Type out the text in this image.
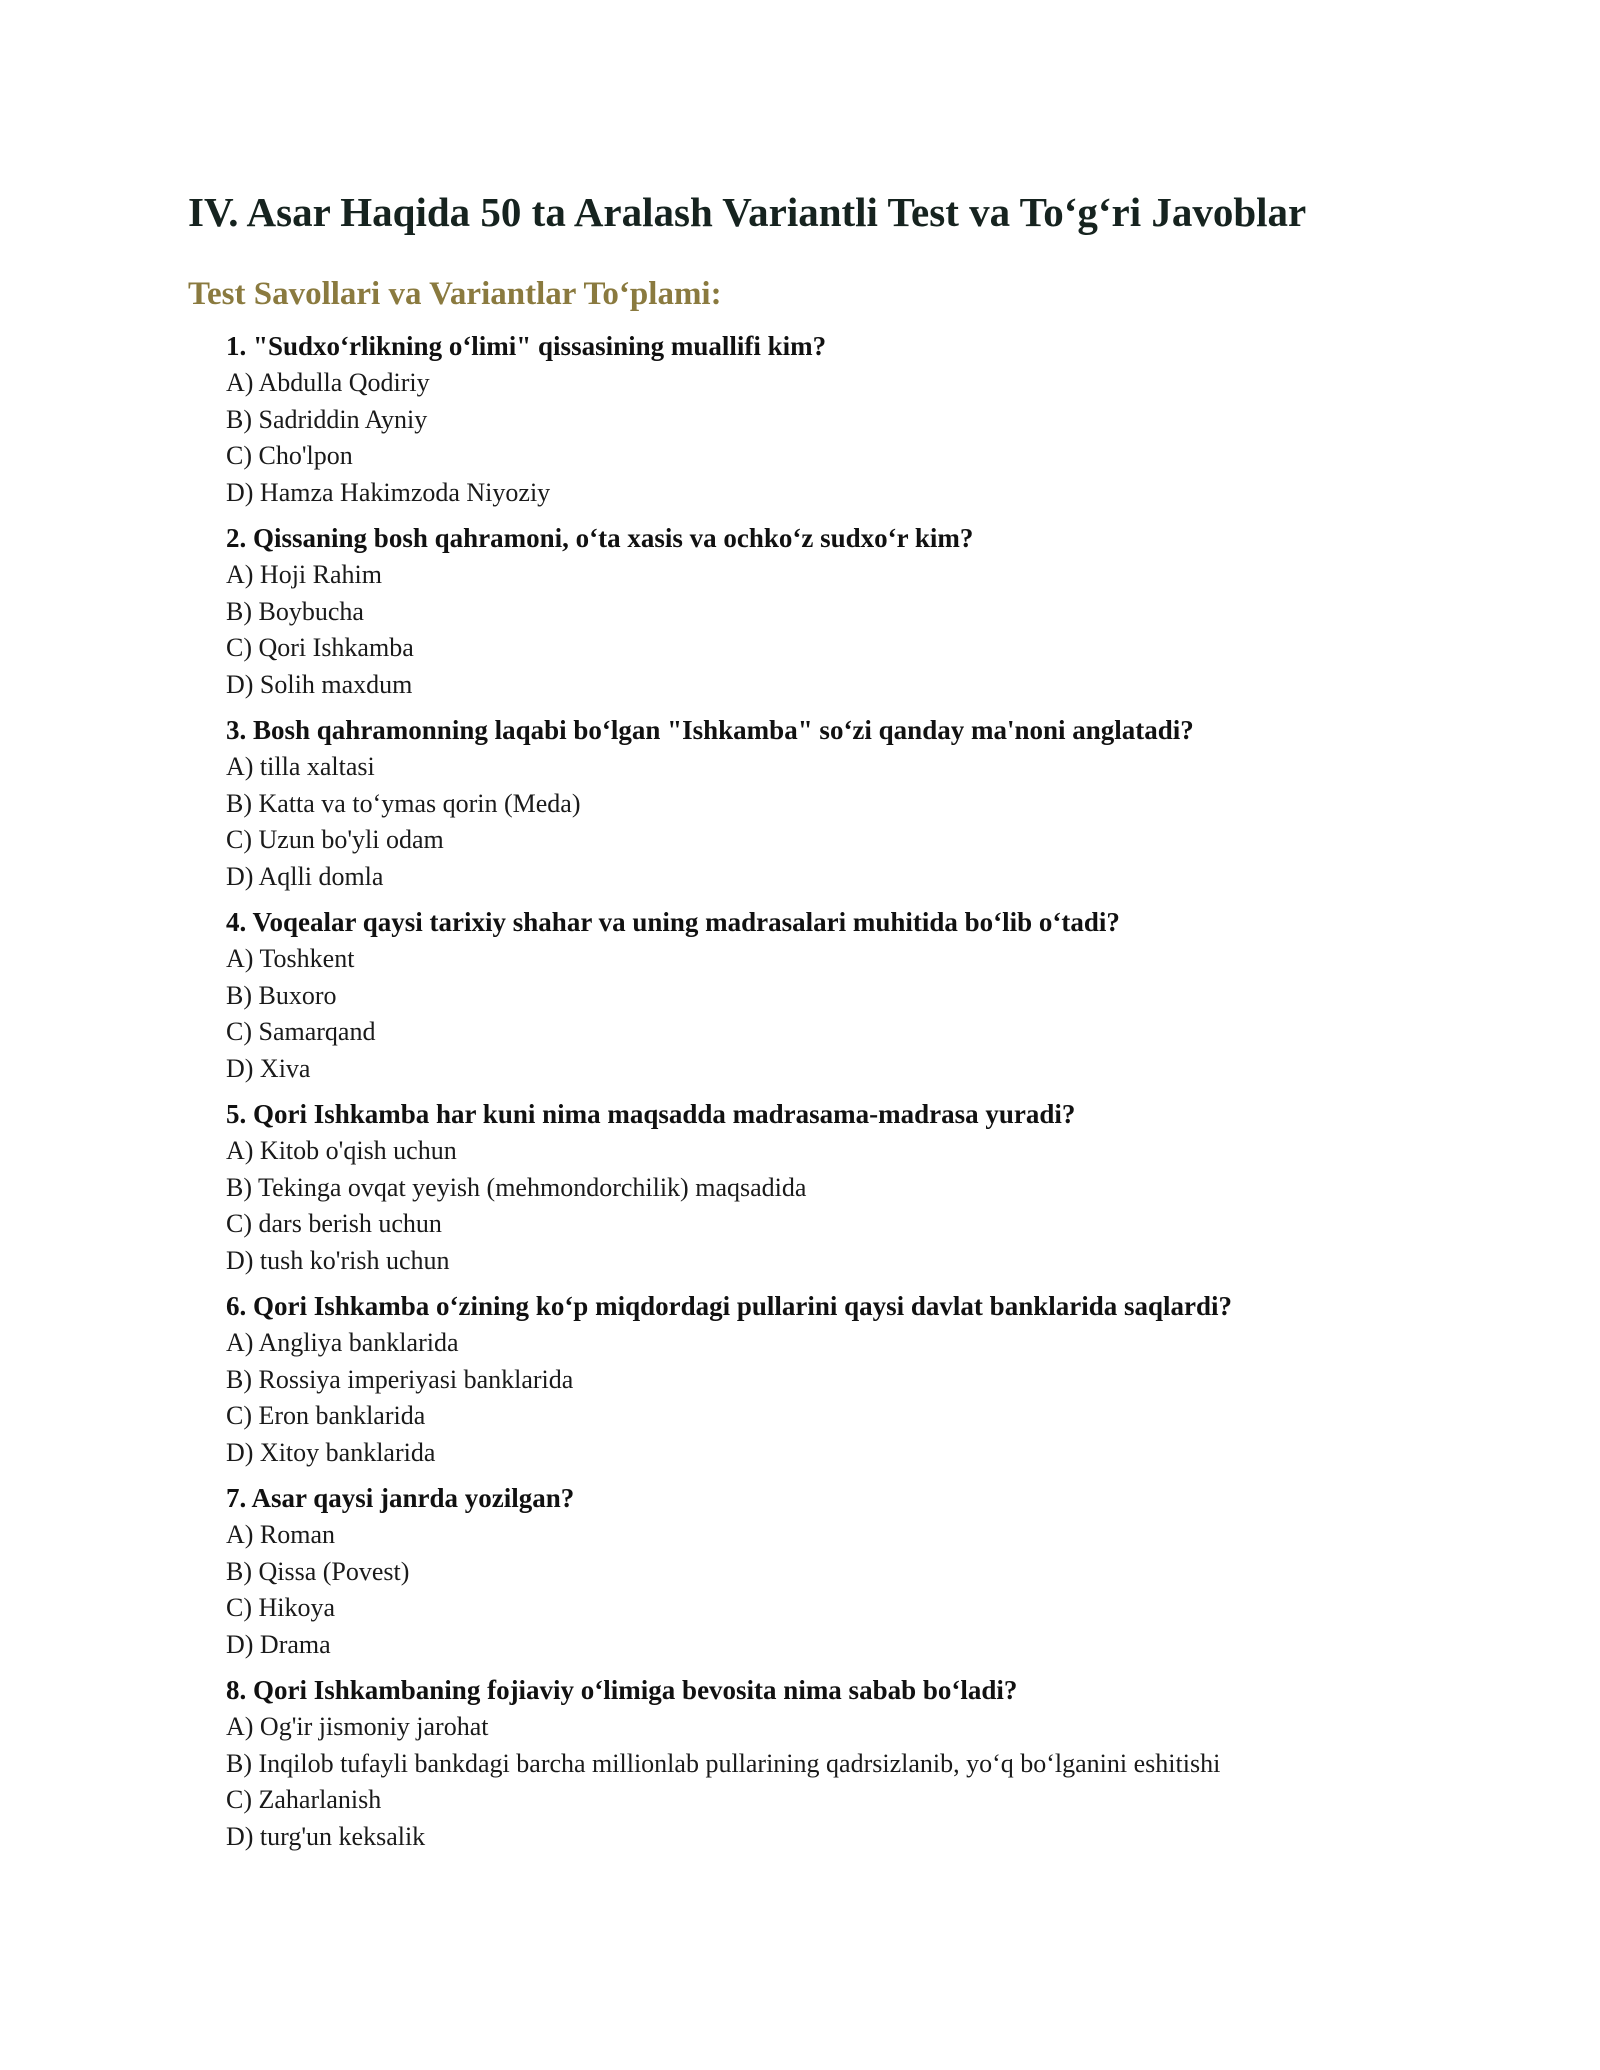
IV. Asar Haqida 50 ta Aralash Variantli Test va To‘g‘ri Javoblar
Test Savollari va Variantlar To‘plami:
1. "Sudxo‘rlikning o‘limi" qissasining muallifi kim?
A) Abdulla Qodiriy
B) Sadriddin Ayniy
C) Cho'lpon
D) Hamza Hakimzoda Niyoziy
2. Qissaning bosh qahramoni, o‘ta xasis va ochko‘z sudxo‘r kim?
A) Hoji Rahim
B) Boybucha
C) Qori Ishkamba
D) Solih maxdum
3. Bosh qahramonning laqabi bo‘lgan "Ishkamba" so‘zi qanday ma'noni anglatadi?
A) tilla xaltasi
B) Katta va to‘ymas qorin (Meda)
C) Uzun bo'yli odam
D) Aqlli domla
4. Voqealar qaysi tarixiy shahar va uning madrasalari muhitida bo‘lib o‘tadi?
A) Toshkent
B) Buxoro
C) Samarqand
D) Xiva
5. Qori Ishkamba har kuni nima maqsadda madrasama-madrasa yuradi?
A) Kitob o'qish uchun
B) Tekinga ovqat yeyish (mehmondorchilik) maqsadida
C) dars berish uchun
D) tush ko'rish uchun
6. Qori Ishkamba o‘zining ko‘p miqdordagi pullarini qaysi davlat banklarida saqlardi?
A) Angliya banklarida
B) Rossiya imperiyasi banklarida
C) Eron banklarida
D) Xitoy banklarida
7. Asar qaysi janrda yozilgan?
A) Roman
B) Qissa (Povest)
C) Hikoya
D) Drama
8. Qori Ishkambaning fojiaviy o‘limiga bevosita nima sabab bo‘ladi?
A) Og'ir jismoniy jarohat
B) Inqilob tufayli bankdagi barcha millionlab pullarining qadrsizlanib, yo‘q bo‘lganini eshitishi
C) Zaharlanish
D) turg'un keksalik
